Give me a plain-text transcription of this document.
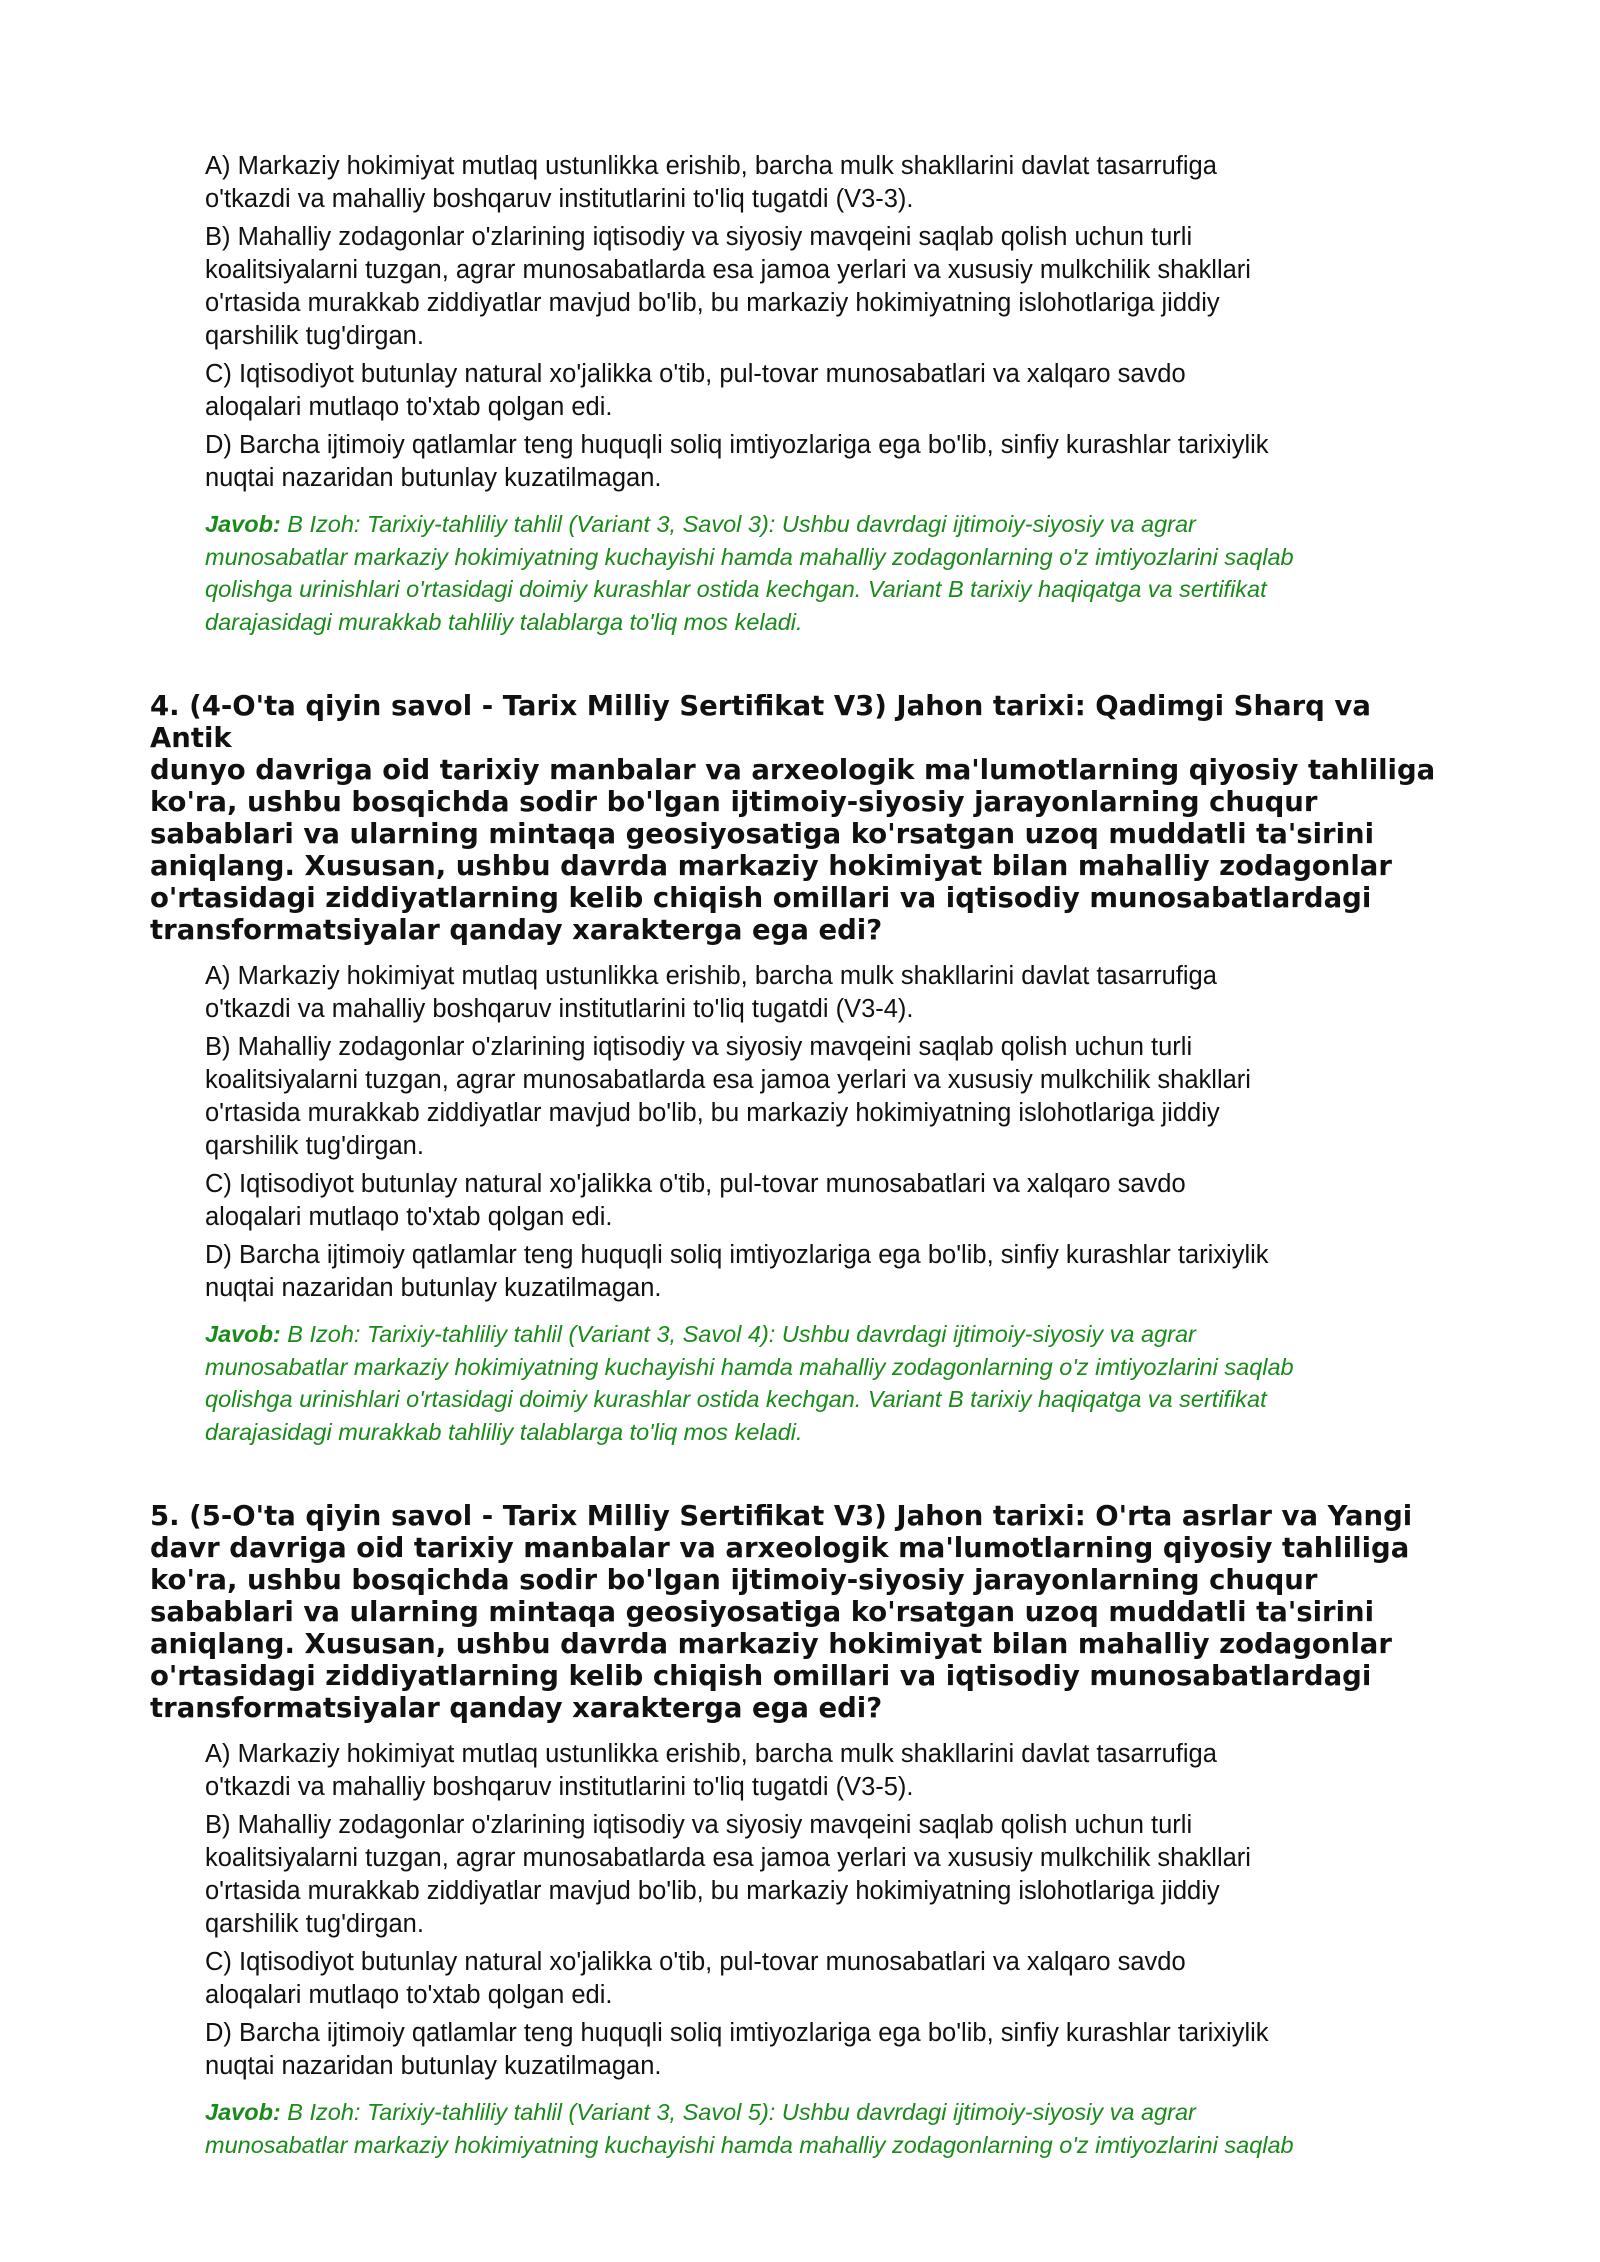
A) Markaziy hokimiyat mutlaq ustunlikka erishib, barcha mulk shakllarini davlat tasarrufiga
o'tkazdi va mahalliy boshqaruv institutlarini to'liq tugatdi (V3-3).

B) Mahalliy zodagonlar o'zlarining iqtisodiy va siyosiy mavqeini saqlab qolish uchun turli
koalitsiyalarni tuzgan, agrar munosabatlarda esa jamoa yerlari va xususiy mulkchilik shakllari
o'rtasida murakkab ziddiyatlar mavjud bo'lib, bu markaziy hokimiyatning islohotlariga jiddiy
qarshilik tug'dirgan.

C) Iqtisodiyot butunlay natural xo'jalikka o'tib, pul-tovar munosabatlari va xalqaro savdo
aloqalari mutlaqo to'xtab qolgan edi.

D) Barcha ijtimoiy qatlamlar teng huquqli soliq imtiyozlariga ega bo'lib, sinfiy kurashlar tarixiylik
nuqtai nazaridan butunlay kuzatilmagan.

Javob: B Izoh: Tarixiy-tahliliy tahlil (Variant 3, Savol 3): Ushbu davrdagi ijtimoiy-siyosiy va agrar
munosabatlar markaziy hokimiyatning kuchayishi hamda mahalliy zodagonlarning o'z imtiyozlarini saqlab
qolishga urinishlari o'rtasidagi doimiy kurashlar ostida kechgan. Variant B tarixiy haqiqatga va sertifikat
darajasidagi murakkab tahliliy talablarga to'liq mos keladi.

4. (4-O'ta qiyin savol - Tarix Milliy Sertifikat V3) Jahon tarixi: Qadimgi Sharq va Antik
dunyo davriga oid tarixiy manbalar va arxeologik ma'lumotlarning qiyosiy tahliliga
ko'ra, ushbu bosqichda sodir bo'lgan ijtimoiy-siyosiy jarayonlarning chuqur
sabablari va ularning mintaqa geosiyosatiga ko'rsatgan uzoq muddatli ta'sirini
aniqlang. Xususan, ushbu davrda markaziy hokimiyat bilan mahalliy zodagonlar
o'rtasidagi ziddiyatlarning kelib chiqish omillari va iqtisodiy munosabatlardagi
transformatsiyalar qanday xarakterga ega edi?

A) Markaziy hokimiyat mutlaq ustunlikka erishib, barcha mulk shakllarini davlat tasarrufiga
o'tkazdi va mahalliy boshqaruv institutlarini to'liq tugatdi (V3-4).

B) Mahalliy zodagonlar o'zlarining iqtisodiy va siyosiy mavqeini saqlab qolish uchun turli
koalitsiyalarni tuzgan, agrar munosabatlarda esa jamoa yerlari va xususiy mulkchilik shakllari
o'rtasida murakkab ziddiyatlar mavjud bo'lib, bu markaziy hokimiyatning islohotlariga jiddiy
qarshilik tug'dirgan.

C) Iqtisodiyot butunlay natural xo'jalikka o'tib, pul-tovar munosabatlari va xalqaro savdo
aloqalari mutlaqo to'xtab qolgan edi.

D) Barcha ijtimoiy qatlamlar teng huquqli soliq imtiyozlariga ega bo'lib, sinfiy kurashlar tarixiylik
nuqtai nazaridan butunlay kuzatilmagan.

Javob: B Izoh: Tarixiy-tahliliy tahlil (Variant 3, Savol 4): Ushbu davrdagi ijtimoiy-siyosiy va agrar
munosabatlar markaziy hokimiyatning kuchayishi hamda mahalliy zodagonlarning o'z imtiyozlarini saqlab
qolishga urinishlari o'rtasidagi doimiy kurashlar ostida kechgan. Variant B tarixiy haqiqatga va sertifikat
darajasidagi murakkab tahliliy talablarga to'liq mos keladi.

5. (5-O'ta qiyin savol - Tarix Milliy Sertifikat V3) Jahon tarixi: O'rta asrlar va Yangi
davr davriga oid tarixiy manbalar va arxeologik ma'lumotlarning qiyosiy tahliliga
ko'ra, ushbu bosqichda sodir bo'lgan ijtimoiy-siyosiy jarayonlarning chuqur
sabablari va ularning mintaqa geosiyosatiga ko'rsatgan uzoq muddatli ta'sirini
aniqlang. Xususan, ushbu davrda markaziy hokimiyat bilan mahalliy zodagonlar
o'rtasidagi ziddiyatlarning kelib chiqish omillari va iqtisodiy munosabatlardagi
transformatsiyalar qanday xarakterga ega edi?

A) Markaziy hokimiyat mutlaq ustunlikka erishib, barcha mulk shakllarini davlat tasarrufiga
o'tkazdi va mahalliy boshqaruv institutlarini to'liq tugatdi (V3-5).

B) Mahalliy zodagonlar o'zlarining iqtisodiy va siyosiy mavqeini saqlab qolish uchun turli
koalitsiyalarni tuzgan, agrar munosabatlarda esa jamoa yerlari va xususiy mulkchilik shakllari
o'rtasida murakkab ziddiyatlar mavjud bo'lib, bu markaziy hokimiyatning islohotlariga jiddiy
qarshilik tug'dirgan.

C) Iqtisodiyot butunlay natural xo'jalikka o'tib, pul-tovar munosabatlari va xalqaro savdo
aloqalari mutlaqo to'xtab qolgan edi.

D) Barcha ijtimoiy qatlamlar teng huquqli soliq imtiyozlariga ega bo'lib, sinfiy kurashlar tarixiylik
nuqtai nazaridan butunlay kuzatilmagan.

Javob: B Izoh: Tarixiy-tahliliy tahlil (Variant 3, Savol 5): Ushbu davrdagi ijtimoiy-siyosiy va agrar
munosabatlar markaziy hokimiyatning kuchayishi hamda mahalliy zodagonlarning o'z imtiyozlarini saqlab
